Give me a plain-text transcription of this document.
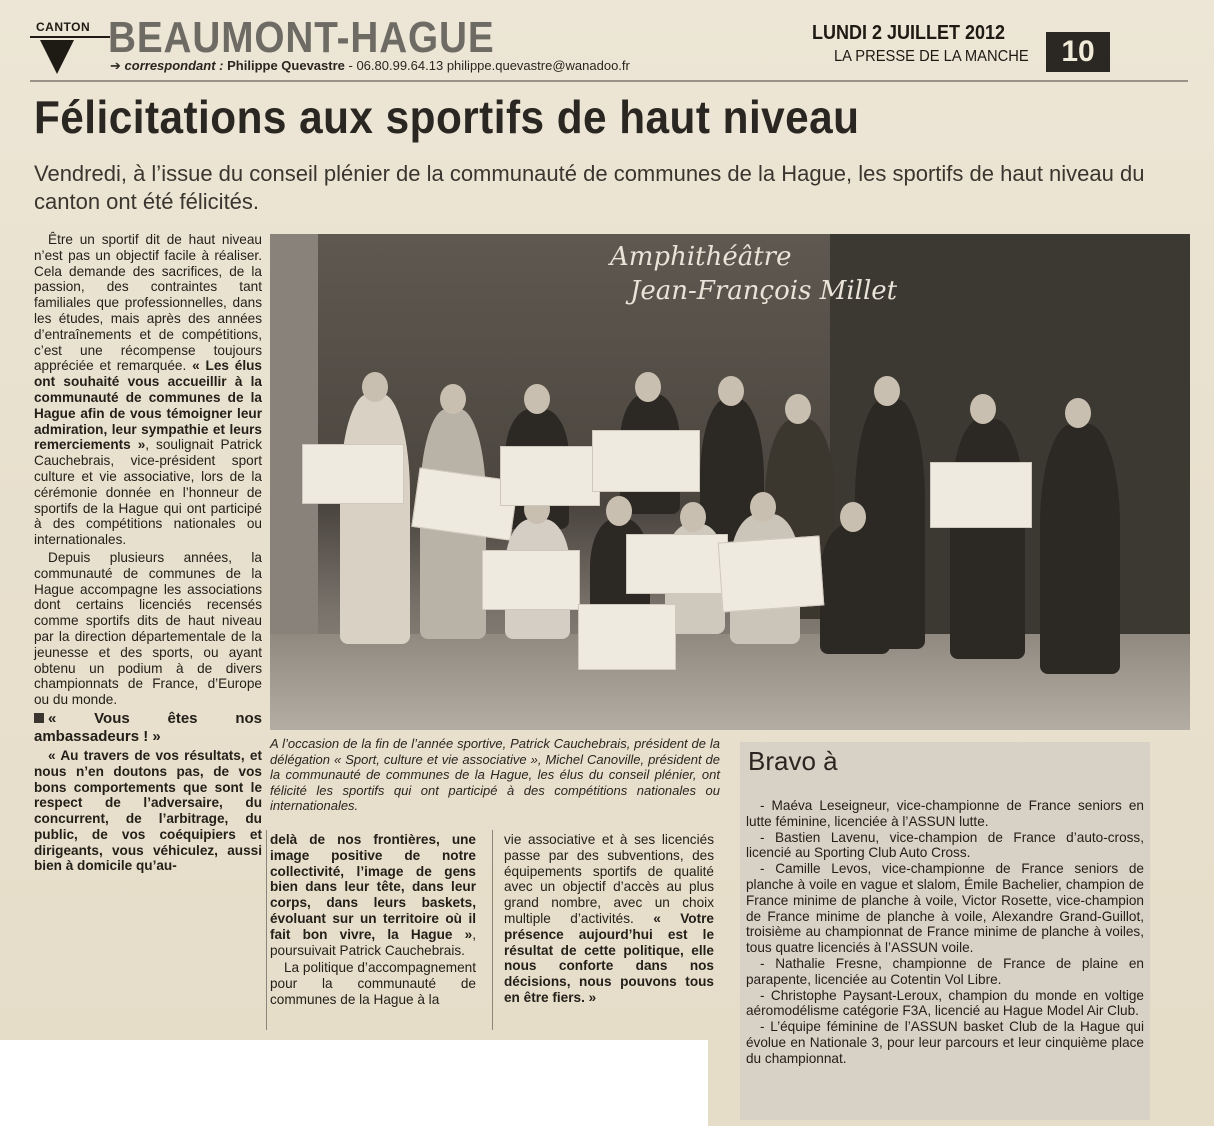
CANTON BEAUMONT-HAGUE
➔ correspondant : Philippe Quevastre - 06.80.99.64.13 philippe.quevastre@wanadoo.fr
LUNDI 2 JUILLET 2012
LA PRESSE DE LA MANCHE	10
Félicitations aux sportifs de haut niveau
Vendredi, à l’issue du conseil plénier de la communauté de communes de la Hague, les sportifs de haut niveau du canton ont été félicités.

Être un sportif dit de haut niveau n’est pas un objectif facile à réaliser. Cela demande des sacrifices, de la passion, des contraintes tant familiales que professionnelles, dans les études, mais après des années d’entraînements et de compétitions, c’est une récompense toujours appréciée et remarquée. « Les élus ont souhaité vous accueillir à la communauté de communes de la Hague afin de vous témoigner leur admiration, leur sympathie et leurs remerciements », soulignait Patrick Cauchebrais, vice-président sport culture et vie associative, lors de la cérémonie donnée en l’honneur de sportifs de la Hague qui ont participé à des compétitions nationales ou internationales.

Depuis plusieurs années, la communauté de communes de la Hague accompagne les associations dont certains licenciés recensés comme sportifs dits de haut niveau par la direction départementale de la jeunesse et des sports, ou ayant obtenu un podium à de divers championnats de France, d’Europe ou du monde.

« Vous êtes nos ambassadeurs ! »

« Au travers de vos résultats, et nous n’en doutons pas, de vos bons comportements que sont le respect de l’adversaire, du concurrent, de l’arbitrage, du public, de vos coéquipiers et dirigeants, vous véhiculez, aussi bien à domicile qu’au-

Amphithéâtre
Jean-François Millet
A l’occasion de la fin de l’année sportive, Patrick Cauchebrais, président de la délégation « Sport, culture et vie associative », Michel Canoville, président de la communauté de communes de la Hague, les élus du conseil plénier, ont félicité les sportifs qui ont participé à des compétitions nationales ou internationales.

delà de nos frontières, une image positive de notre collectivité, l’image de gens bien dans leur tête, dans leur corps, dans leurs baskets, évoluant sur un territoire où il fait bon vivre, la Hague », poursuivait Patrick Cauchebrais.

La politique d’accompagnement pour la communauté de communes de la Hague à la

vie associative et à ses licenciés passe par des subventions, des équipements sportifs de qualité avec un objectif d’accès au plus grand nombre, avec un choix multiple d’activités. « Votre présence aujourd’hui est le résultat de cette politique, elle nous conforte dans nos décisions, nous pouvons tous en être fiers. »

Bravo à

- Maéva Leseigneur, vice-championne de France seniors en lutte féminine, licenciée à l’ASSUN lutte.

- Bastien Lavenu, vice-champion de France d’auto-cross, licencié au Sporting Club Auto Cross.

- Camille Levos, vice-championne de France seniors de planche à voile en vague et slalom, Émile Bachelier, champion de France minime de planche à voile, Victor Rosette, vice-champion de France minime de planche à voile, Alexandre Grand-Guillot, troisième au championnat de France minime de planche à voiles, tous quatre licenciés à l’ASSUN voile.

- Nathalie Fresne, championne de France de plaine en parapente, licenciée au Cotentin Vol Libre.

- Christophe Paysant-Leroux, champion du monde en voltige aéromodélisme catégorie F3A, licencié au Hague Model Air Club.

- L’équipe féminine de l’ASSUN basket Club de la Hague qui évolue en Nationale 3, pour leur parcours et leur cinquième place du championnat.
